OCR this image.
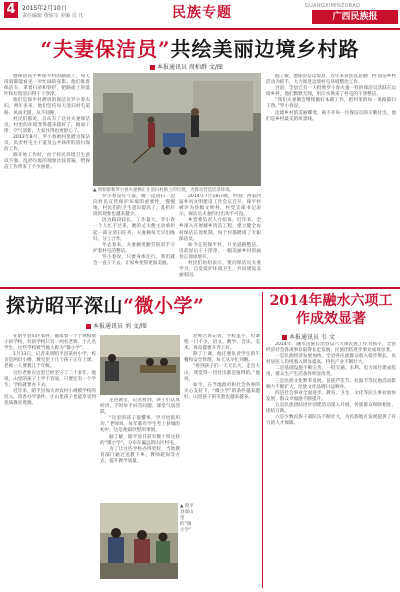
4	2015年2月10日
责任编辑 黄惊宝 美编 司 凡	民族专题	GUANGXIMINZUBAO
广西民族报
“夫妻保洁员”共绘美丽边境乡村路
本报通讯员 周柏群 文/图

德保县扶平乡保平村的路面上，每天清晨都能看见一对忙碌的身影。他们推着保洁车，拿着扫帚和铁铲，把路面上的落叶和垃圾清扫得干干净净。

他们是保平村聘请的保洁员罗小春夫妇。两年多来，他们坚持每天清扫村屯道路，风雨无阻，从不间断。

村民们都说，自从有了这对夫妻保洁员，村里的环境变得越来越好了，路面干净，空气清新，大家住得也更舒心了。

2013年8月，罗小春被村里聘为保洁员，负责村屯主干道及公共场所的清扫保洁工作。

刚开始工作时，由于村民环境卫生意识不强，乱扔垃圾的现象比较普遍，给保洁工作带来了不少困难。

▲ 周柏群和罗小春夫妻俩正在清扫村路上的垃圾，为群众营造洁净环境。

罗小春没有气馁，她一边清扫一边向村民宣传保护环境的重要性，慢慢地，村民们的卫生意识提高了，乱扔垃圾的现象也越来越少。

因为路段较长，工作量大，罗小春一个人忙不过来，她的丈夫便主动承担起一部分清扫任务，夫妻俩每天早出晚归，分工合作。

冬去春来，夫妻俩用勤劳的双手守护着村屯的整洁。

罗小春说，只要身体还行，我们就会一直干下去，让家乡变得更加美丽。

2014年7月18日晚，中国广西第四届乡风文明建设工作会议召开，保平村被评为县级文明村，村党支部书记表示，保洁员夫妻的付出功不可没。

乡党委负责人介绍说，近年来，全乡深入开展城乡清洁工程，建立健全农村保洁长效机制，每个村都聘请了专职保洁员。

如今走进保平村，只见道路整洁，房前屋后干干净净，一幅美丽乡村的画卷正徐徐展开。

村民们纷纷表示，要向保洁员夫妻学习，自觉爱护环境卫生，共同建设美丽家园。

据了解，德保县是边境县，近年来该县以美丽广西·清洁乡村活动为抓手，大力推进边境村屯环境整治工作。

目前，全县已有一大批像罗小春夫妻一样的保洁员活跃在边境乡村，他们默默无闻，用汗水换来了村屯的干净整洁。

“我们夫妻俩会继续做好本职工作，把村里的每一条路都扫干净。”罗小春说。

边境乡村的美丽蝶变，离不开每一位保洁员的辛勤付出，他们是乡村最美的风景线。

探访昭平深山“微小学”
本报通讯员 刘 文/图

在昭平县山区农村，散落着一个个规模很小的学校，有的学校只有一两名老师、十几名学生。这些学校被当地人称为“微小学”。

1月13日，记者来到昭平县某村小学，校舍是两层小楼，教室里十几个孩子正在上课，老师一人要教几个年级。

这位老师在这里已经坚守了二十多年。他说，山里的孩子上学不容易，只要还有一个学生，学校就要办下去。

近年来，昭平县加大对农村小规模学校的投入，改善办学条件，让山里孩子也能享受到优质教育资源。

走进教室，记者看到，孩子们认真听讲，不时举手回答问题，课堂气氛活跃。

“这里的孩子很懂事，学习也很用功。”老师说，每年都有学生考上县城的初中，这是他最欣慰的事情。

据了解，昭平县目前有数十所这样的“微小学”，分布在偏远的山区村屯。

为了让这些学校办得更好，当地教育部门通过送教下乡、教师轮岗等方式，提升教学质量。

老师告诉记者，学校虽小，但课程一门不少，语文、数学、音乐、美术、体育都要开齐上好。

除了上课，他还要负责学生的午餐和安全管理，每天从早忙到晚。

“看到孩子们一天天长大，走出大山，我觉得一切付出都是值得的。”他说。

如今，在当地政府和社会各界的关心支持下，“微小学”的条件越来越好，山里孩子的笑脸也越来越多。

▲ 昭平县深山里的“微小学”
2014年融水六项工作成效显著
本报通讯员 韦 文

2014年，融水苗族自治县以六大项民族工作为抓手，全县经济社会各项事业取得长足发展，民族团结进步事业成效显著。

一是民族经济发展加快。全县各民族群众收入稳步增长，农村居民人均纯收入明显提高，特色产业不断壮大。

二是基础设施不断完善。一批交通、水利、电力项目建成投用，群众生产生活条件明显改善。

三是民族文化繁荣发展。苗族芦笙节、拉鼓节等民俗活动影响力不断扩大，民族文化品牌日益响亮。

四是社会事业全面进步。教育、卫生、文化等民生事业加快发展，群众幸福感不断提升。

五是民族团结进步创建活动深入开展，各族群众和睦相处、团结互助。

六是少数民族干部队伍不断壮大，为民族地区发展提供了有力的人才保障。
